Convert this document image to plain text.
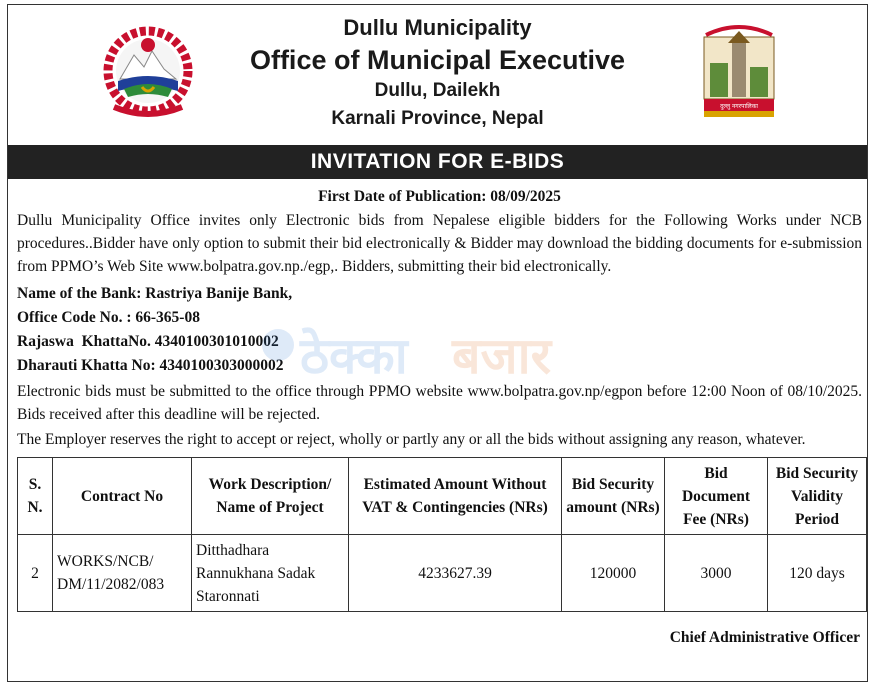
Dullu Municipality
Office of Municipal Executive
Dullu, Dailekh
Karnali Province, Nepal
दुल्लु नगरपालिका
INVITATION FOR E-BIDS
First Date of Publication: 08/09/2025

Dullu Municipality Office invites only Electronic bids from Nepalese eligible bidders for the Following Works under NCB procedures..Bidder have only option to submit their bid electronically & Bidder may download the bidding documents for e-submission from PPMO’s Web Site www.bolpatra.gov.np./egp,. Bidders, submitting their bid electronically.

Name of the Bank: Rastriya Banije Bank,
Office Code No. : 66-365-08
Rajaswa  KhattaNo. 4340100301010002
Dharauti Khatta No: 4340100303000002

Electronic bids must be submitted to the office through PPMO website www.bolpatra.gov.np/egpon before 12:00 Noon of 08/10/2025. Bids received after this deadline will be rejected.

The Employer reserves the right to accept or reject, wholly or partly any or all the bids without assigning any reason, whatever.

S. N.	Contract No	Work Description/ Name of Project	Estimated Amount Without VAT & Contingencies (NRs)	Bid Security amount (NRs)	Bid Document Fee (NRs)	Bid Security Validity Period
2	WORKS/NCB/ DM/11/2082/083	Ditthadhara Rannukhana Sadak Staronnati	4233627.39	120000	3000	120 days
Chief Administrative Officer
ठेक्का बजार
